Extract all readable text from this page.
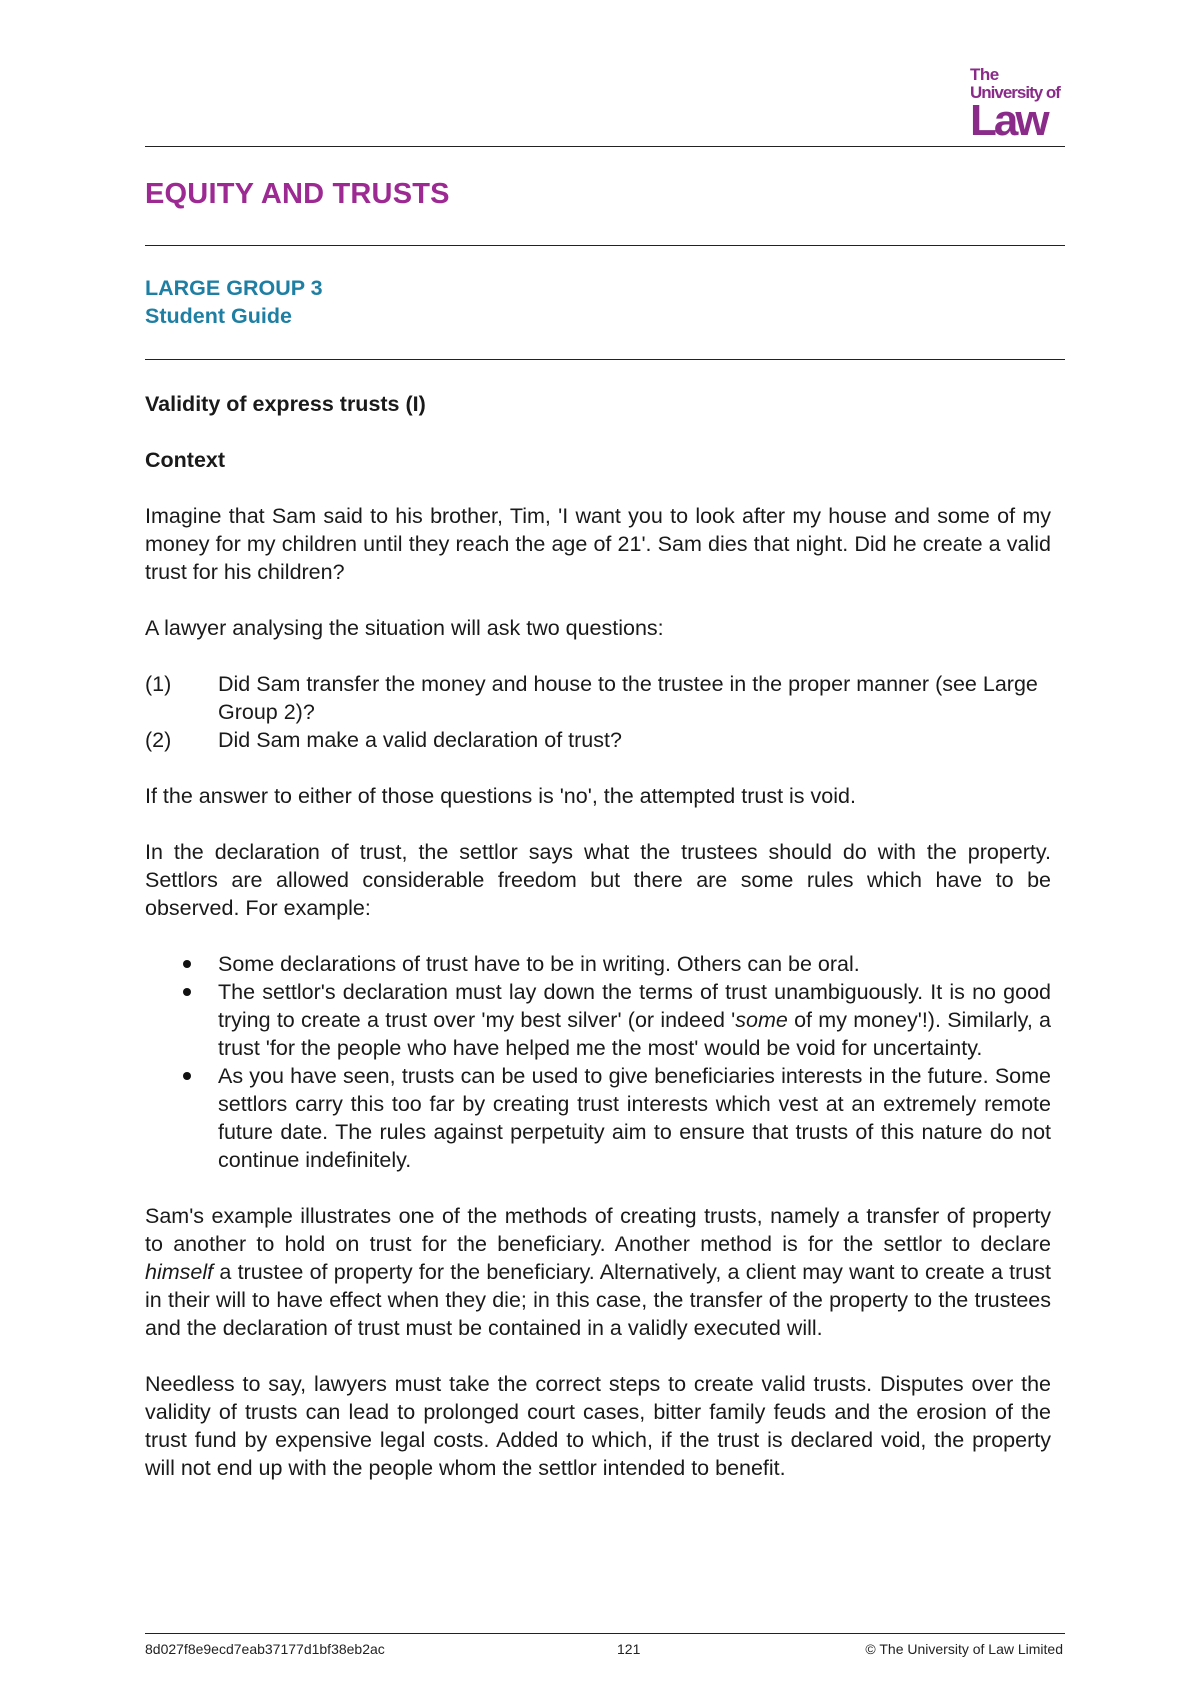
The
University of
Law
EQUITY AND TRUSTS
LARGE GROUP 3
Student Guide
Validity of express trusts (I)
Context

Imagine that Sam said to his brother, Tim, 'I want you to look after my house and some of my money for my children until they reach the age of 21'. Sam dies that night. Did he create a valid trust for his children?

A lawyer analysing the situation will ask two questions:

(1)	Did Sam transfer the money and house to the trustee in the proper manner (see Large Group 2)?
(2)	Did Sam make a valid declaration of trust?

If the answer to either of those questions is 'no', the attempted trust is void.

In the declaration of trust, the settlor says what the trustees should do with the property. Settlors are allowed considerable freedom but there are some rules which have to be observed. For example:

Some declarations of trust have to be in writing. Others can be oral.
The settlor's declaration must lay down the terms of trust unambiguously. It is no good trying to create a trust over 'my best silver' (or indeed 'some of my money'!). Similarly, a trust 'for the people who have helped me the most' would be void for uncertainty.
As you have seen, trusts can be used to give beneficiaries interests in the future. Some settlors carry this too far by creating trust interests which vest at an extremely remote future date. The rules against perpetuity aim to ensure that trusts of this nature do not continue indefinitely.

Sam's example illustrates one of the methods of creating trusts, namely a transfer of property to another to hold on trust for the beneficiary. Another method is for the settlor to declare himself a trustee of property for the beneficiary. Alternatively, a client may want to create a trust in their will to have effect when they die; in this case, the transfer of the property to the trustees and the declaration of trust must be contained in a validly executed will.

Needless to say, lawyers must take the correct steps to create valid trusts. Disputes over the validity of trusts can lead to prolonged court cases, bitter family feuds and the erosion of the trust fund by expensive legal costs. Added to which, if the trust is declared void, the property will not end up with the people whom the settlor intended to benefit.

8d027f8e9ecd7eab37177d1bf38eb2ac	121	© The University of Law Limited
